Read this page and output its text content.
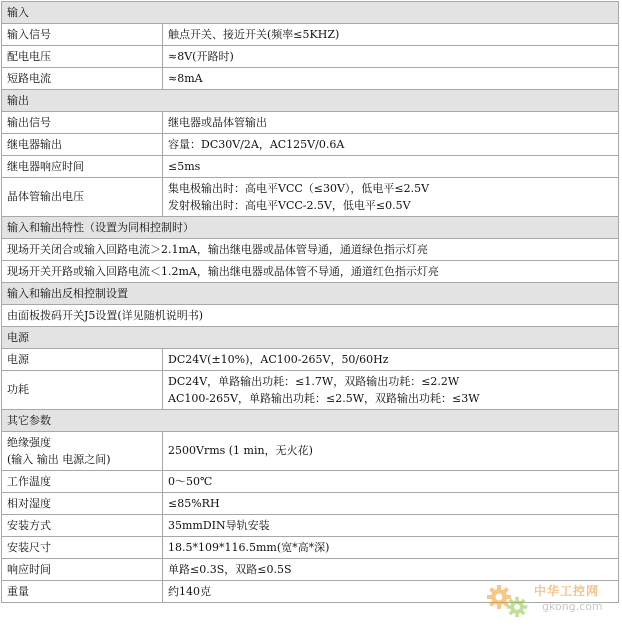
输入	
输入信号	触点开关、接近开关(频率≤5KHZ)
配电电压	≈8V(开路时)
短路电流	≈8mA
输出	
输出信号	继电器或晶体管输出
继电器输出	容量：DC30V/2A，AC125V/0.6A
继电器响应时间	≤5ms
晶体管输出电压	集电极输出时：高电平VCC（≤30V），低电平≤2.5V
发射极输出时：高电平VCC-2.5V，低电平≤0.5V

输入和输出特性（设置为同相控制时）	
现场开关闭合或输入回路电流＞2.1mA，输出继电器或晶体管导通，通道绿色指示灯亮	
现场开关开路或输入回路电流＜1.2mA，输出继电器或晶体管不导通，通道红色指示灯亮	
输入和输出反相控制设置	
由面板拨码开关J5设置(详见随机说明书)	
电源	
电源	DC24V(±10%)，AC100-265V，50/60Hz
功耗	DC24V，单路输出功耗：≤1.7W，双路输出功耗：≤2.2W
AC100-265V，单路输出功耗：≤2.5W，双路输出功耗：≤3W

其它参数	

绝缘强度
(输入 输出 电源之间)	2500Vrms (1 min，无火花)
工作温度	0～50℃
相对湿度	≤85%RH
安装方式	35mmDIN导轨安装
安装尺寸	18.5*109*116.5mm(宽*高*深)
响应时间	单路≤0.3S，双路≤0.5S
重量	约140克	中华工控网
gkong.com
